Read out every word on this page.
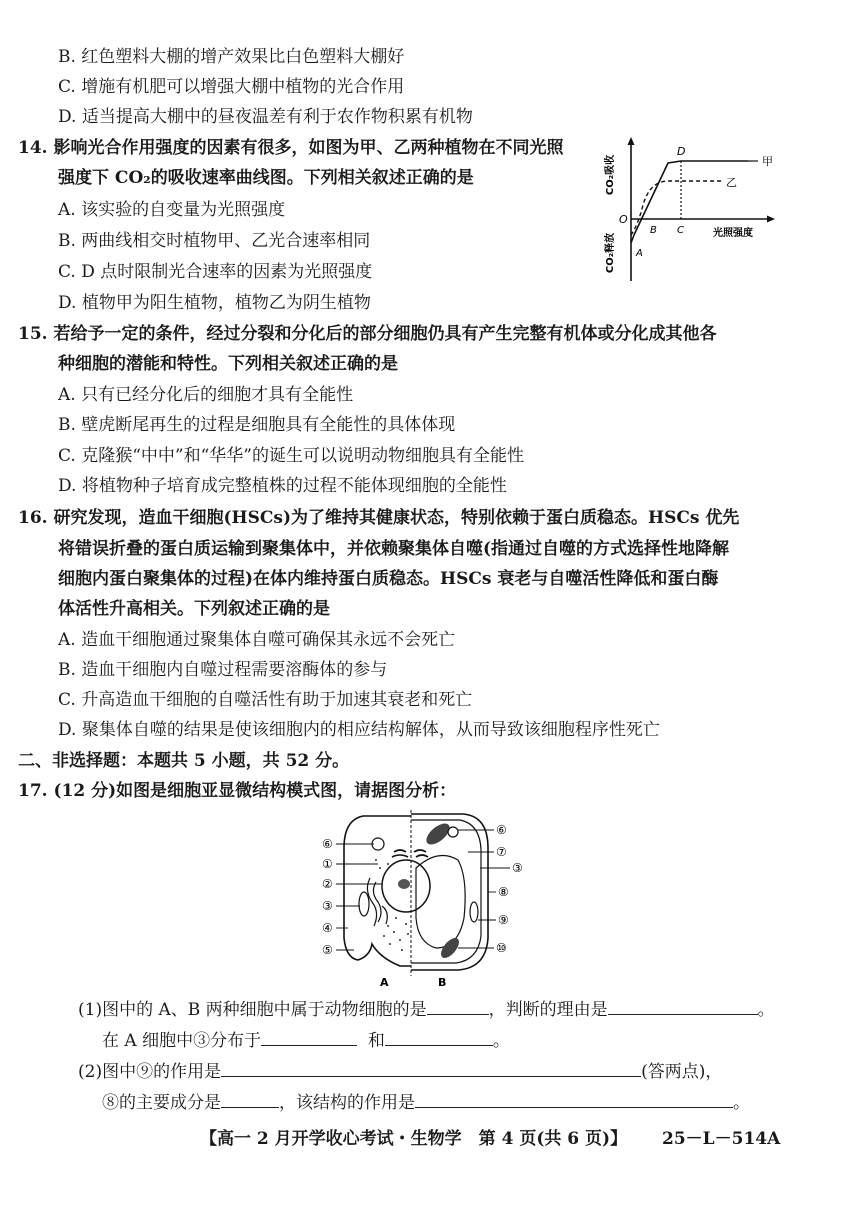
B. 红色塑料大棚的增产效果比白色塑料大棚好
C. 增施有机肥可以增强大棚中植物的光合作用
D. 适当提高大棚中的昼夜温差有利于农作物积累有机物
14. 影响光合作用强度的因素有很多，如图为甲、乙两种植物在不同光照
强度下 CO₂的吸收速率曲线图。下列相关叙述正确的是
A. 该实验的自变量为光照强度
B. 两曲线相交时植物甲、乙光合速率相同
C. D 点时限制光合速率的因素为光照强度
D. 植物甲为阳生植物，植物乙为阴生植物
CO₂吸收
CO₂释放	光照强度
O
甲
乙
A
B C
D
15. 若给予一定的条件，经过分裂和分化后的部分细胞仍具有产生完整有机体或分化成其他各
种细胞的潜能和特性。下列相关叙述正确的是
A. 只有已经分化后的细胞才具有全能性
B. 壁虎断尾再生的过程是细胞具有全能性的具体体现
C. 克隆猴“中中”和“华华”的诞生可以说明动物细胞具有全能性
D. 将植物种子培育成完整植株的过程不能体现细胞的全能性
16. 研究发现，造血干细胞(HSCs)为了维持其健康状态，特别依赖于蛋白质稳态。HSCs 优先
将错误折叠的蛋白质运输到聚集体中，并依赖聚集体自噬(指通过自噬的方式选择性地降解
细胞内蛋白聚集体的过程)在体内维持蛋白质稳态。HSCs 衰老与自噬活性降低和蛋白酶
体活性升高相关。下列叙述正确的是
A. 造血干细胞通过聚集体自噬可确保其永远不会死亡
B. 造血干细胞内自噬过程需要溶酶体的参与
C. 升高造血干细胞的自噬活性有助于加速其衰老和死亡
D. 聚集体自噬的结果是使该细胞内的相应结构解体，从而导致该细胞程序性死亡
二、非选择题：本题共 5 小题，共 52 分。
17. (12 分)如图是细胞亚显微结构模式图，请据图分析：
⑥
①
②
③
④
⑤
⑥
⑦
③
⑧
⑨
⑩
A	B
(1)图中的 A、B 两种细胞中属于动物细胞的是	，判断的理由是	。
在 A 细胞中③分布于	和	。
(2)图中⑨的作用是	(答两点)，
⑧的主要成分是	，该结构的作用是	。
【高一 2 月开学收心考试・生物学　第 4 页(共 6 页)】 25－L－514A
